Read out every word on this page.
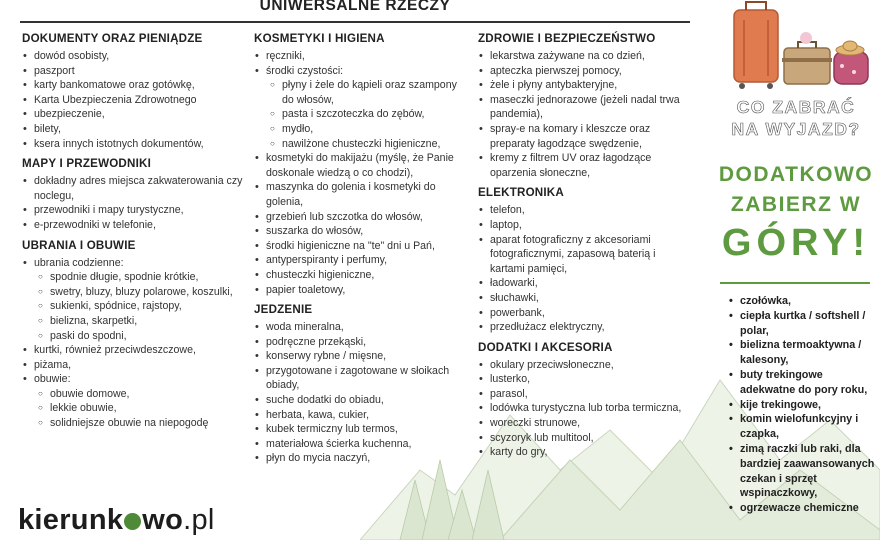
UNIWERSALNE RZECZY
DOKUMENTY ORAZ PIENIĄDZE
• dowód osobisty,
• paszport
• karty bankomatowe oraz gotówkę,
• Karta Ubezpieczenia Zdrowotnego
• ubezpieczenie,
• bilety,
• ksera innych istotnych dokumentów,
MAPY I PRZEWODNIKI
• dokładny adres miejsca zakwaterowania czy noclegu,
• przewodniki i mapy turystyczne,
• e-przewodniki w telefonie,
UBRANIA I OBUWIE
• ubrania codzienne:
○ spodnie długie, spodnie krótkie,
○ swetry, bluzy, bluzy polarowe, koszulki,
○ sukienki, spódnice, rajstopy,
○ bielizna, skarpetki,
○ paski do spodni,
• kurtki, również przeciwdeszczowe,
• piżama,
• obuwie:
○ obuwie domowe,
○ lekkie obuwie,
○ solidniejsze obuwie na niepogodę
KOSMETYKI I HIGIENA
• ręczniki,
• środki czystości:
○ płyny i żele do kąpieli oraz szampony do włosów,
○ pasta i szczoteczka do zębów,
○ mydło,
○ nawilżone chusteczki higieniczne,
• kosmetyki do makijażu (myślę, że Panie doskonale wiedzą o co chodzi),
• maszynka do golenia i kosmetyki do golenia,
• grzebień lub szczotka do włosów,
• suszarka do włosów,
• środki higieniczne na "te" dni u Pań,
• antyperspiranty i perfumy,
• chusteczki higieniczne,
• papier toaletowy,
JEDZENIE
• woda mineralna,
• podręczne przekąski,
• konserwy rybne / mięsne,
• przygotowane i zagotowane w słoikach obiady,
• suche dodatki do obiadu,
• herbata, kawa, cukier,
• kubek termiczny lub termos,
• materiałowa ścierka kuchenna,
• płyn do mycia naczyń,
ZDROWIE I BEZPIECZEŃSTWO
• lekarstwa zażywane na co dzień,
• apteczka pierwszej pomocy,
• żele i płyny antybakteryjne,
• maseczki jednorazowe (jeżeli nadal trwa pandemia),
• spray-e na komary i kleszcze oraz preparaty łagodzące swędzenie,
• kremy z filtrem UV oraz łagodzące oparzenia słoneczne,
ELEKTRONIKA
• telefon,
• laptop,
• aparat fotograficzny z akcesoriami fotograficznymi, zapasową baterią i kartami pamięci,
• ładowarki,
• słuchawki,
• powerbank,
• przedłużacz elektryczny,
DODATKI I AKCESORIA
• okulary przeciwsłoneczne,
• lusterko,
• parasol,
• lodówka turystyczna lub torba termiczna,
• woreczki strunowe,
• scyzoryk lub multitool,
• karty do gry,
kierunk wo.pl
CO ZABRAĆ
NA WYJAZD?
DODATKOWO
ZABIERZ W
GÓRY!
• czołówka,
• ciepła kurtka / softshell / polar,
• bielizna termoaktywna / kalesony,
• buty trekingowe adekwatne do pory roku,
• kije trekingowe,
• komin wielofunkcyjny i czapka,
• zimą raczki lub raki, dla bardziej zaawansowanych czekan i sprzęt wspinaczkowy,
• ogrzewacze chemiczne
